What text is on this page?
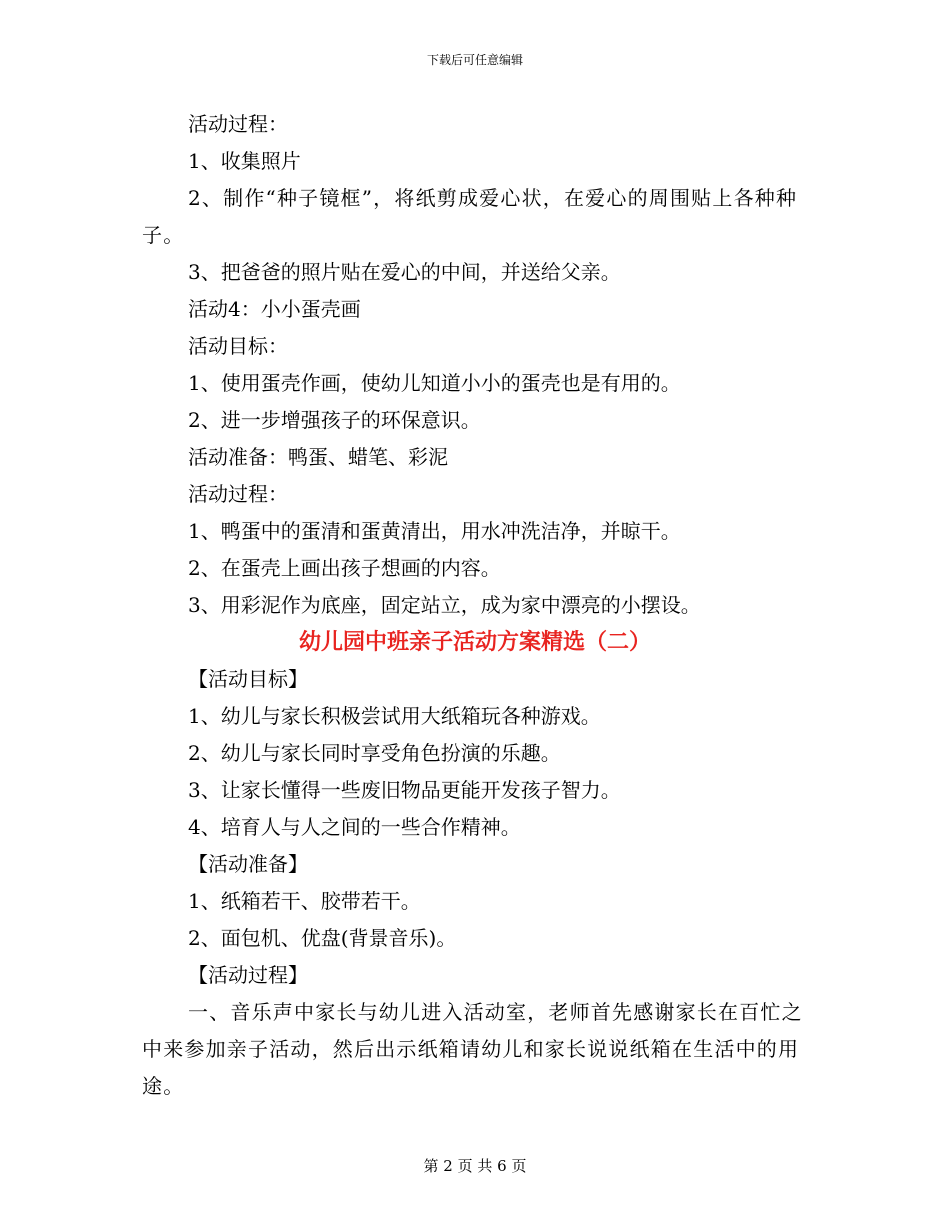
下载后可任意编辑
活动过程：
1、收集照片
2、制作“种子镜框”，将纸剪成爱心状，在爱心的周围贴上各种种子。
3、把爸爸的照片贴在爱心的中间，并送给父亲。
活动4：小小蛋壳画
活动目标：
1、使用蛋壳作画，使幼儿知道小小的蛋壳也是有用的。
2、进一步增强孩子的环保意识。
活动准备：鸭蛋、蜡笔、彩泥
活动过程：
1、鸭蛋中的蛋清和蛋黄清出，用水冲洗洁净，并晾干。
2、在蛋壳上画出孩子想画的内容。
3、用彩泥作为底座，固定站立，成为家中漂亮的小摆设。
幼儿园中班亲子活动方案精选（二）
【活动目标】
1、幼儿与家长积极尝试用大纸箱玩各种游戏。
2、幼儿与家长同时享受角色扮演的乐趣。
3、让家长懂得一些废旧物品更能开发孩子智力。
4、培育人与人之间的一些合作精神。
【活动准备】
1、纸箱若干、胶带若干。
2、面包机、优盘(背景音乐)。
【活动过程】
一、音乐声中家长与幼儿进入活动室，老师首先感谢家长在百忙之中来参加亲子活动，然后出示纸箱请幼儿和家长说说纸箱在生活中的用途。
第 2 页 共 6 页
